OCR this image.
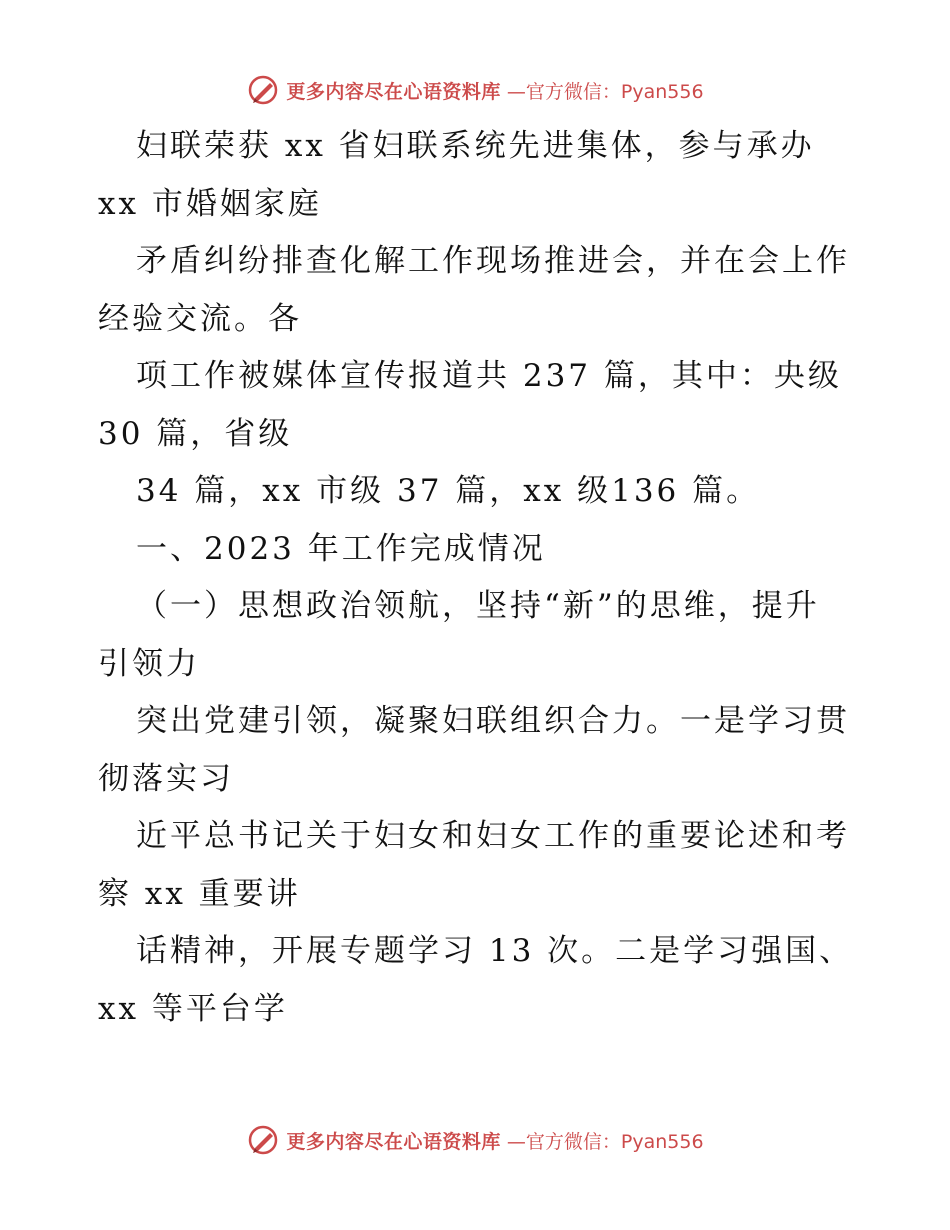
更多内容尽在心语资料库 —官方微信：Pyan556

妇联荣获 xx 省妇联系统先进集体，参与承办

xx 市婚姻家庭

矛盾纠纷排查化解工作现场推进会，并在会上作

经验交流。各

项工作被媒体宣传报道共 237 篇，其中：央级

30 篇，省级

34 篇，xx 市级 37 篇，xx 级136 篇。

一、2023 年工作完成情况

（一）思想政治领航，坚持“新”的思维，提升

引领力

突出党建引领，凝聚妇联组织合力。一是学习贯

彻落实习

近平总书记关于妇女和妇女工作的重要论述和考

察 xx 重要讲

话精神，开展专题学习 13 次。二是学习强国、

xx 等平台学

更多内容尽在心语资料库 —官方微信：Pyan556
